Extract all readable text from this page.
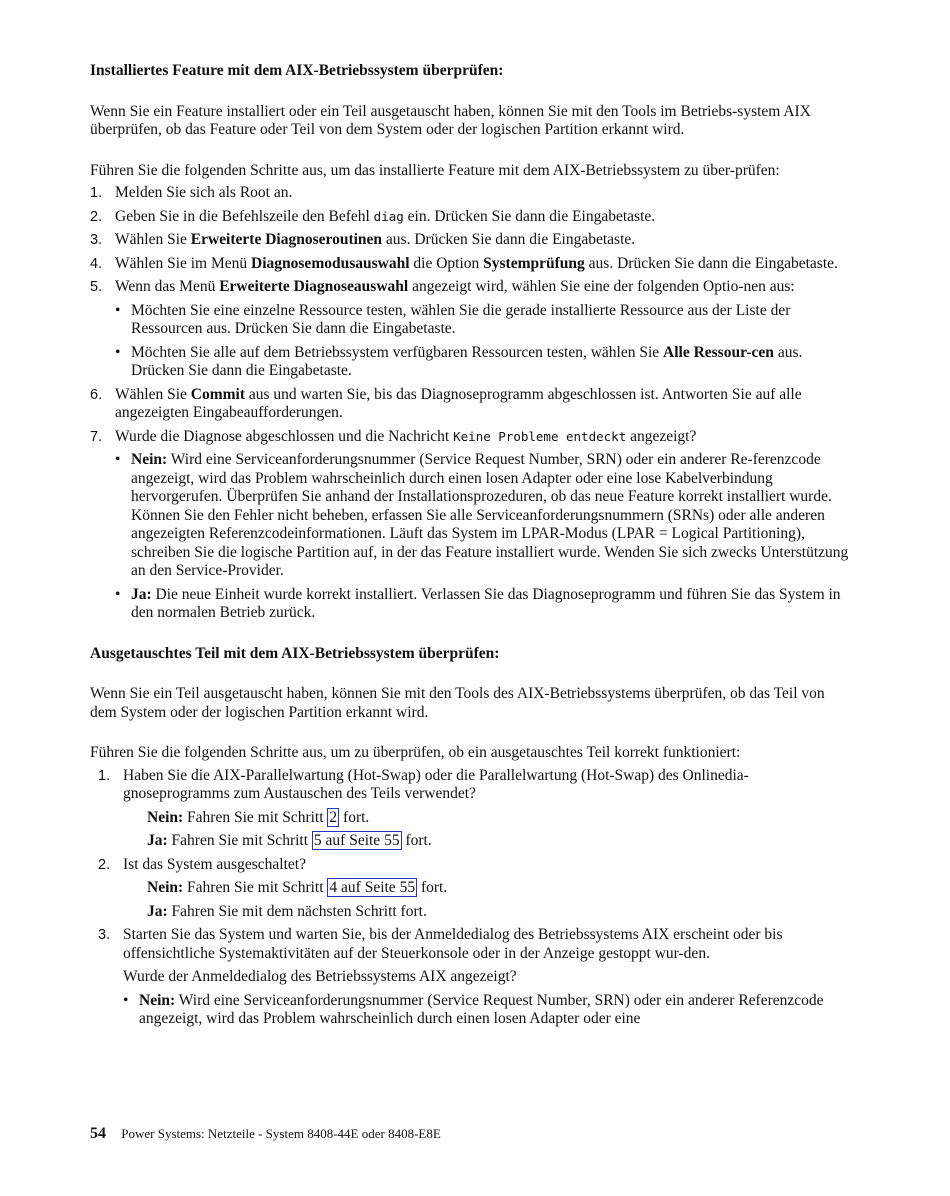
Installiertes Feature mit dem AIX-Betriebssystem überprüfen:
Wenn Sie ein Feature installiert oder ein Teil ausgetauscht haben, können Sie mit den Tools im Betriebs-system AIX überprüfen, ob das Feature oder Teil von dem System oder der logischen Partition erkannt wird.
Führen Sie die folgenden Schritte aus, um das installierte Feature mit dem AIX-Betriebssystem zu über-prüfen:
1. Melden Sie sich als Root an.
2. Geben Sie in die Befehlszeile den Befehl diag ein. Drücken Sie dann die Eingabetaste.
3. Wählen Sie Erweiterte Diagnoseroutinen aus. Drücken Sie dann die Eingabetaste.
4. Wählen Sie im Menü Diagnosemodusauswahl die Option Systemprüfung aus. Drücken Sie dann die Eingabetaste.
5. Wenn das Menü Erweiterte Diagnoseauswahl angezeigt wird, wählen Sie eine der folgenden Optio-nen aus:
• Möchten Sie eine einzelne Ressource testen, wählen Sie die gerade installierte Ressource aus der Liste der Ressourcen aus. Drücken Sie dann die Eingabetaste.
• Möchten Sie alle auf dem Betriebssystem verfügbaren Ressourcen testen, wählen Sie Alle Ressour-cen aus. Drücken Sie dann die Eingabetaste.
6. Wählen Sie Commit aus und warten Sie, bis das Diagnoseprogramm abgeschlossen ist. Antworten Sie auf alle angezeigten Eingabeaufforderungen.
7. Wurde die Diagnose abgeschlossen und die Nachricht Keine Probleme entdeckt angezeigt?
• Nein: Wird eine Serviceanforderungsnummer (Service Request Number, SRN) oder ein anderer Re-ferenzcode angezeigt, wird das Problem wahrscheinlich durch einen losen Adapter oder eine lose Kabelverbindung hervorgerufen. Überprüfen Sie anhand der Installationsprozeduren, ob das neue Feature korrekt installiert wurde. Können Sie den Fehler nicht beheben, erfassen Sie alle Serviceanforderungsnummern (SRNs) oder alle anderen angezeigten Referenzcodeinformationen. Läuft das System im LPAR-Modus (LPAR = Logical Partitioning), schreiben Sie die logische Partition auf, in der das Feature installiert wurde. Wenden Sie sich zwecks Unterstützung an den Service-Provider.
• Ja: Die neue Einheit wurde korrekt installiert. Verlassen Sie das Diagnoseprogramm und führen Sie das System in den normalen Betrieb zurück.
Ausgetauschtes Teil mit dem AIX-Betriebssystem überprüfen:
Wenn Sie ein Teil ausgetauscht haben, können Sie mit den Tools des AIX-Betriebssystems überprüfen, ob das Teil von dem System oder der logischen Partition erkannt wird.
Führen Sie die folgenden Schritte aus, um zu überprüfen, ob ein ausgetauschtes Teil korrekt funktioniert:
1. Haben Sie die AIX-Parallelwartung (Hot-Swap) oder die Parallelwartung (Hot-Swap) des Onlinedia-gnoseprogramms zum Austauschen des Teils verwendet?
Nein: Fahren Sie mit Schritt 2 fort.
Ja: Fahren Sie mit Schritt 5 auf Seite 55 fort.
2. Ist das System ausgeschaltet?
Nein: Fahren Sie mit Schritt 4 auf Seite 55 fort.
Ja: Fahren Sie mit dem nächsten Schritt fort.
3. Starten Sie das System und warten Sie, bis der Anmeldedialog des Betriebssystems AIX erscheint oder bis offensichtliche Systemaktivitäten auf der Steuerkonsole oder in der Anzeige gestoppt wur-den.
Wurde der Anmeldedialog des Betriebssystems AIX angezeigt?
• Nein: Wird eine Serviceanforderungsnummer (Service Request Number, SRN) oder ein anderer Referenzcode angezeigt, wird das Problem wahrscheinlich durch einen losen Adapter oder eine
54 Power Systems: Netzteile - System 8408-44E oder 8408-E8E
